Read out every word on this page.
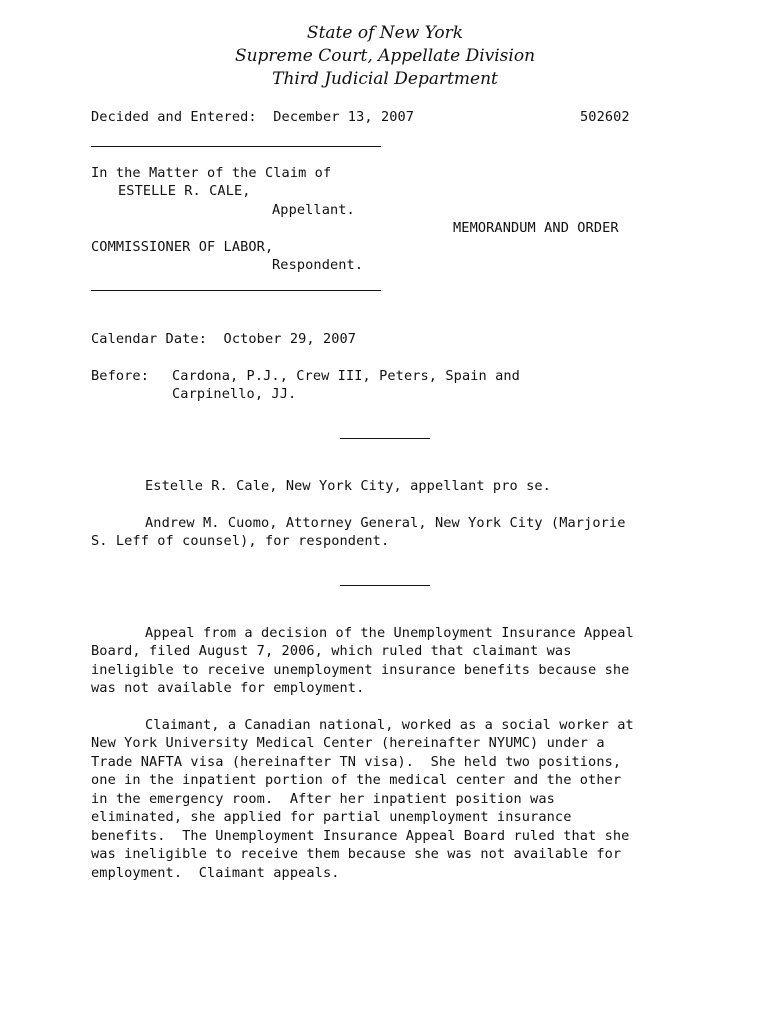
State of New York
Supreme Court, Appellate Division
Third Judicial Department
Decided and Entered:  December 13, 2007	502602
In the Matter of the Claim of
ESTELLE R. CALE,
Appellant.
MEMORANDUM AND ORDER
COMMISSIONER OF LABOR,
Respondent.
Calendar Date:  October 29, 2007
Before: Cardona, P.J., Crew III, Peters, Spain and
Carpinello, JJ.
Estelle R. Cale, New York City, appellant pro se.
Andrew M. Cuomo, Attorney General, New York City (Marjorie
S. Leff of counsel), for respondent.
Appeal from a decision of the Unemployment Insurance Appeal
Board, filed August 7, 2006, which ruled that claimant was
ineligible to receive unemployment insurance benefits because she
was not available for employment.
Claimant, a Canadian national, worked as a social worker at
New York University Medical Center (hereinafter NYUMC) under a
Trade NAFTA visa (hereinafter TN visa).  She held two positions,
one in the inpatient portion of the medical center and the other
in the emergency room.  After her inpatient position was
eliminated, she applied for partial unemployment insurance
benefits.  The Unemployment Insurance Appeal Board ruled that she
was ineligible to receive them because she was not available for
employment.  Claimant appeals.
